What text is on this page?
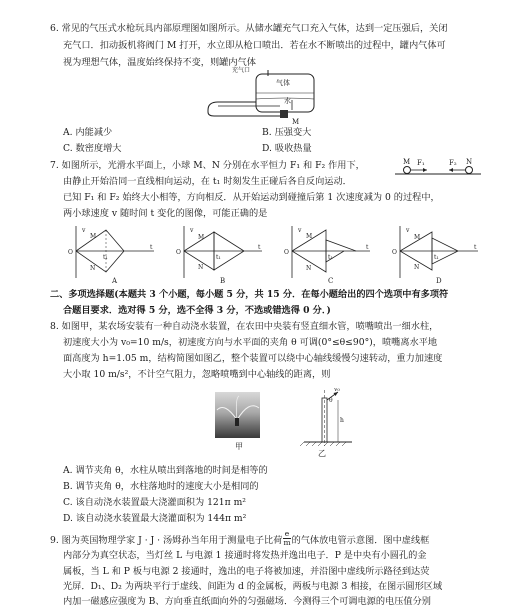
6. 常见的气压式水枪玩具内部原理图如图所示。从储水罐充气口充入气体，达到一定压强后，关闭
充气口．扣动扳机将阀门 M 打开，水立即从枪口喷出．若在水不断喷出的过程中，罐内气体可
视为理想气体，温度始终保持不变，则罐内气体
充气口
气体
水
M
A. 内能减少	B. 压强变大
C. 数密度增大	D. 吸收热量
7. 如图所示，光滑水平面上，小球 M、N 分别在水平恒力 F₁ 和 F₂ 作用下，
由静止开始沿同一直线相向运动，在 t₁ 时刻发生正碰后各自反向运动．
已知 F₁ 和 F₂ 始终大小相等，方向相反．从开始运动到碰撞后第 1 次速度减为 0 的过程中，
两小球速度 v 随时间 t 变化的图像，可能正确的是
M F₁	F₂ N
v
t
O
M
N
t₁
v
t
O
M
N
t₁
v
t
O
M
N
t₁
v
t
O
M
N
t₁
A	B	C	D
二、多项选择题(本题共 3 个小题，每小题 5 分，共 15 分．在每小题给出的四个选项中有多项符
合题目要求．选对得 5 分，选不全得 3 分，不选或错选得 0 分．)
8. 如图甲，某农场安装有一种自动浇水装置，在农田中央装有竖直细水管，喷嘴喷出一细水柱，
初速度大小为 v₀=10 m/s，初速度方向与水平面的夹角 θ 可调(0°≤θ≤90°)，喷嘴离水平地
面高度为 h=1.05 m，结构简图如图乙，整个装置可以绕中心轴线缓慢匀速转动，重力加速度
大小取 10 m/s²，不计空气阻力，忽略喷嘴到中心轴线的距离，则
甲
v₀
θ
h
乙
A. 调节夹角 θ，水柱从喷出到落地的时间是相等的
B. 调节夹角 θ，水柱落地时的速度大小是相同的
C. 该自动浇水装置最大浇灌面积为 121π m²
D. 该自动浇水装置最大浇灌面积为 144π m²
9. 图为英国物理学家 J · J · 汤姆孙当年用于测量电子比荷 $\frac{e}{m}$ 的气体放电管示意图．图中虚线框
内部分为真空状态，当灯丝 L 与电源 1 接通时将发热并逸出电子．P 是中央有小圆孔的金
属板，当 L 和 P 板与电源 2 接通时，逸出的电子将被加速，并沿图中虚线所示路径到达荧
光屏．D₁、D₂ 为两块平行于虚线、间距为 d 的金属板，两板与电源 3 相接，在图示圆形区域
内加一磁感应强度为 B、方向垂直纸面向外的匀强磁场．今测得三个可调电源的电压值分别
